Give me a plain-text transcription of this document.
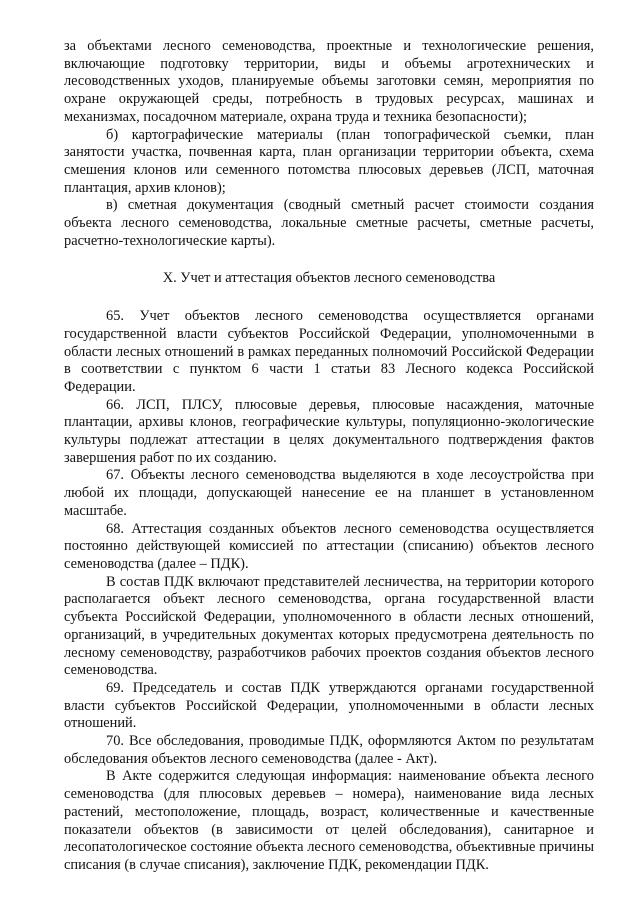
за объектами лесного семеноводства, проектные и технологические решения, включающие подготовку территории, виды и объемы агротехнических и лесоводственных уходов, планируемые объемы заготовки семян, мероприятия по охране окружающей среды, потребность в трудовых ресурсах, машинах и механизмах, посадочном материале, охрана труда и техника безопасности);

б) картографические материалы (план топографической съемки, план занятости участка, почвенная карта, план организации территории объекта, схема смешения клонов или семенного потомства плюсовых деревьев (ЛСП, маточная плантация, архив клонов);

в) сметная документация (сводный сметный расчет стоимости создания объекта лесного семеноводства, локальные сметные расчеты, сметные расчеты, расчетно-технологические карты).

X. Учет и аттестация объектов лесного семеноводства

65. Учет объектов лесного семеноводства осуществляется органами государственной власти субъектов Российской Федерации, уполномоченными в области лесных отношений в рамках переданных полномочий Российской Федерации в соответствии с пунктом 6 части 1 статьи 83 Лесного кодекса Российской Федерации.

66. ЛСП, ПЛСУ, плюсовые деревья, плюсовые насаждения, маточные плантации, архивы клонов, географические культуры, популяционно-экологические культуры подлежат аттестации в целях документального подтверждения фактов завершения работ по их созданию.

67. Объекты лесного семеноводства выделяются в ходе лесоустройства при любой их площади, допускающей нанесение ее на планшет в установленном масштабе.

68. Аттестация созданных объектов лесного семеноводства осуществляется постоянно действующей комиссией по аттестации (списанию) объектов лесного семеноводства (далее – ПДК).

В состав ПДК включают представителей лесничества, на территории которого располагается объект лесного семеноводства, органа государственной власти субъекта Российской Федерации, уполномоченного в области лесных отношений, организаций, в учредительных документах которых предусмотрена деятельность по лесному семеноводству, разработчиков рабочих проектов создания объектов лесного семеноводства.

69. Председатель и состав ПДК утверждаются органами государственной власти субъектов Российской Федерации, уполномоченными в области лесных отношений.

70. Все обследования, проводимые ПДК, оформляются Актом по результатам обследования объектов лесного семеноводства (далее - Акт).

В Акте содержится следующая информация: наименование объекта лесного семеноводства (для плюсовых деревьев – номера), наименование вида лесных растений, местоположение, площадь, возраст, количественные и качественные показатели объектов (в зависимости от целей обследования), санитарное и лесопатологическое состояние объекта лесного семеноводства, объективные причины списания (в случае списания), заключение ПДК, рекомендации ПДК.
